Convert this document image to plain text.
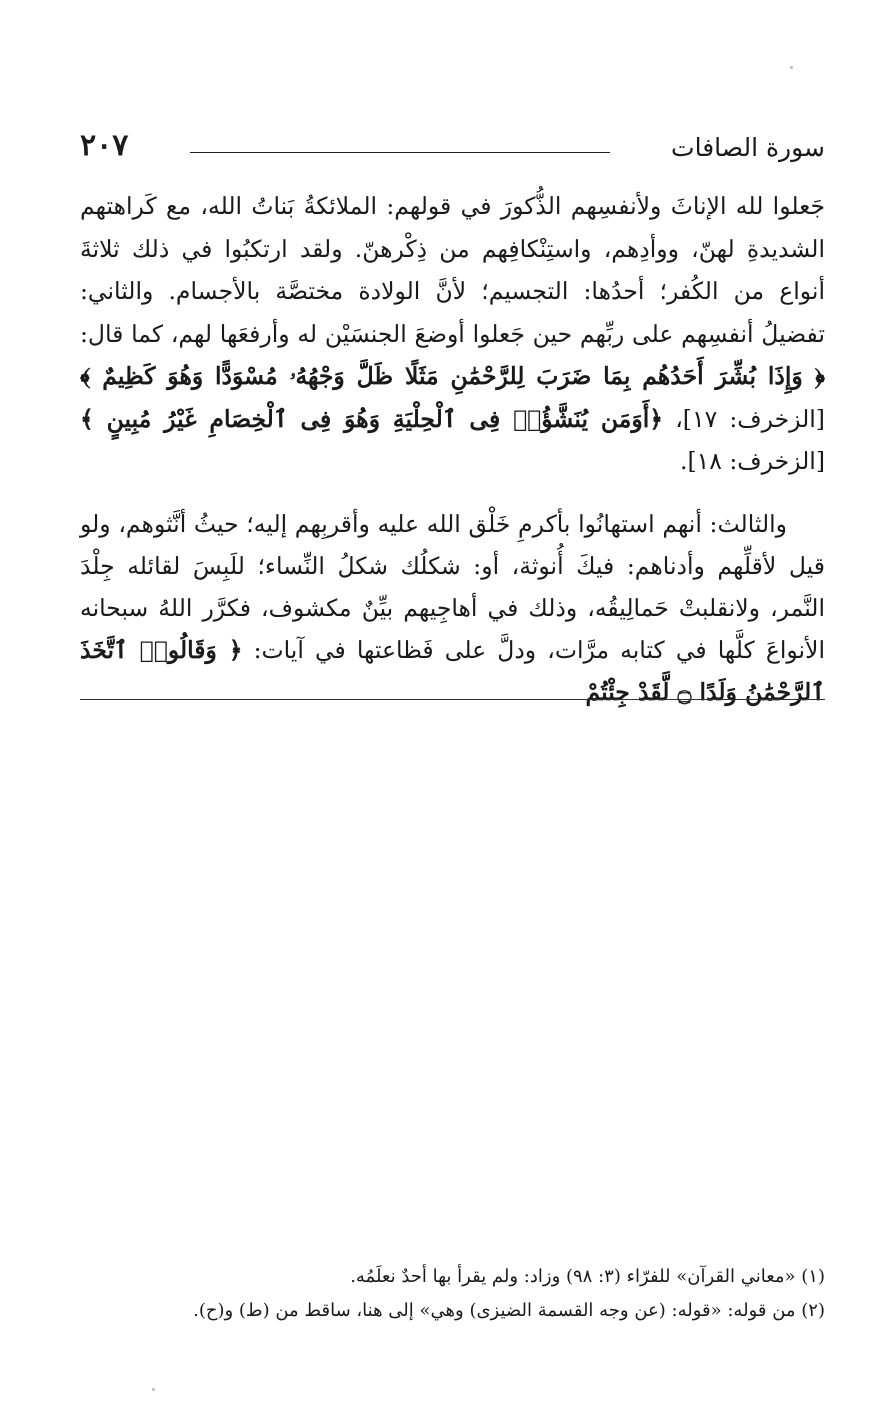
سورة الصافات
٢٠٧
جَعلوا لله الإناثَ ولأنفسِهم الذُّكورَ في قولهم: الملائكةُ بَناتُ الله، مع كَراهتهم الشديدةِ لهنّ، ووأدِهم، واستِنْكافِهم من ذِكْرهنّ. ولقد ارتكبُوا في ذلك ثلاثةَ أنواع من الكُفر؛ أحدُها: التجسيم؛ لأنَّ الولادة مختصَّة بالأجسام. والثاني: تفضيلُ أنفسِهم على ربِّهم حين جَعلوا أوضعَ الجنسَيْن له وأرفعَها لهم، كما قال: ﴿ وَإِذَا بُشِّرَ أَحَدُهُم بِمَا ضَرَبَ لِلرَّحْمَٰنِ مَثَلًا ظَلَّ وَجْهُهُۥ مُسْوَدًّا وَهُوَ كَظِيمٌ ﴾ [الزخرف: ١٧]، ﴿أَوَمَن يُنَشَّؤُا۟ فِى ٱلْحِلْيَةِ وَهُوَ فِى ٱلْخِصَامِ غَيْرُ مُبِينٍ ﴾ [الزخرف: ١٨].
والثالث: أنهم استهانُوا بأكرمِ خَلْق الله عليه وأقربِهم إليه؛ حيثُ أنَّثوهم، ولو قيل لأقلِّهم وأدناهم: فيكَ أُنوثة، أو: شكلُك شكلُ النِّساء؛ للَبِسَ لقائله جِلْدَ النَّمر، ولانقلبتْ حَمالِيقُه، وذلك في أهاجِيهم بيِّنٌ مكشوف، فكرَّر اللهُ سبحانه الأنواعَ كلَّها في كتابه مرَّات، ودلَّ على فَظاعتها في آيات: ﴿ وَقَالُوا۟ ٱتَّخَذَ ٱلرَّحْمَٰنُ وَلَدًا ۝ لَّقَدْ جِئْتُمْ
(١) «معاني القرآن» للفرّاء (٣: ٩٨) وزاد: ولم يقرأ بها أحدٌ نعلَمُه.
(٢) من قوله: «قوله: (عن وجه القسمة الضيزى) وهي» إلى هنا، ساقط من (ط) و(ح).
